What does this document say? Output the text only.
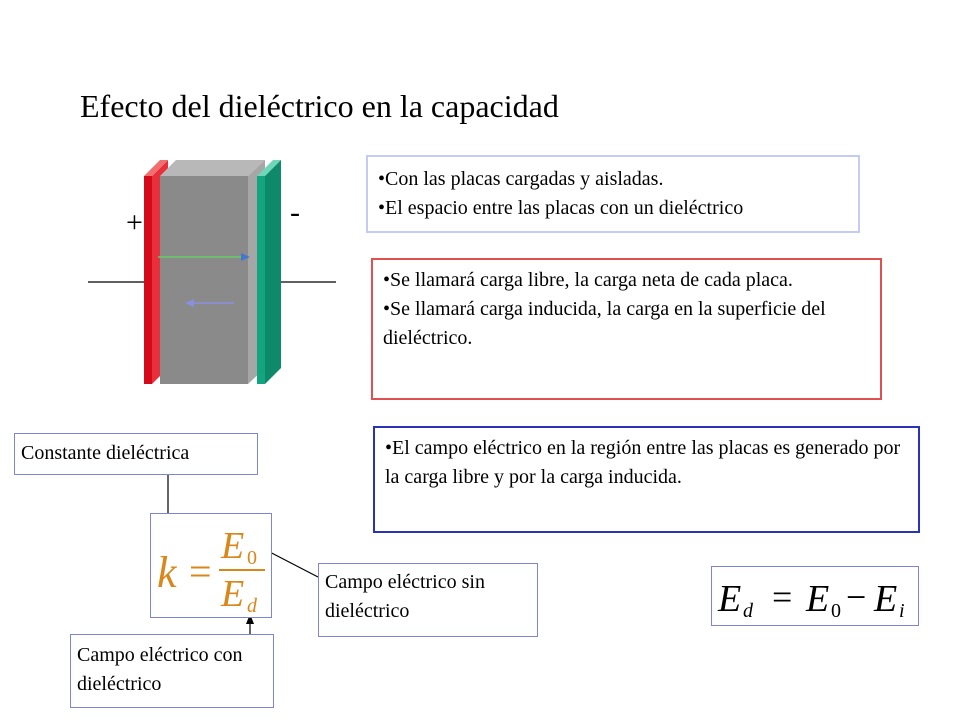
Efecto del dieléctrico en la capacidad
+	-
• Con las placas cargadas y aisladas.
• El espacio entre las placas con un dieléctrico
• Se llamará carga libre, la carga neta de cada placa.
• Se llamará carga inducida, la carga en la superficie del dieléctrico.
• El campo eléctrico en la región entre las placas es generado por la carga libre y por la carga inducida.
Constante dieléctrica
Campo eléctrico sin dieléctrico
Campo eléctrico con dieléctrico
k =
E 0
E d	E d = E 0 − E i
